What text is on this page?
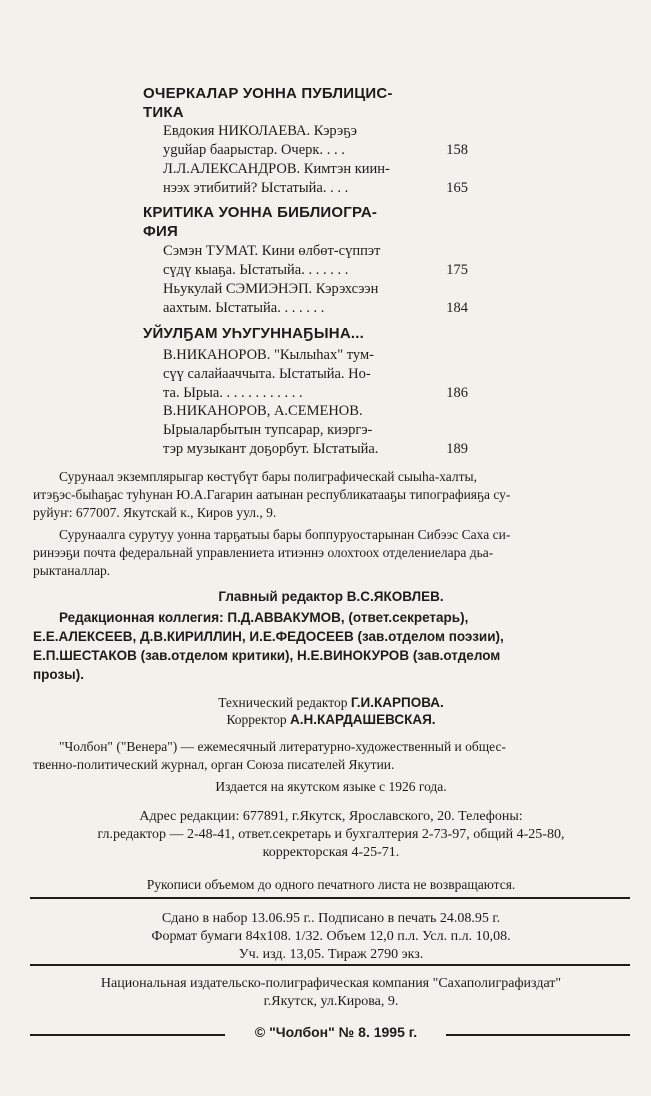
ОЧЕРКАЛАР УОННА ПУБЛИЦИС-
ТИКА
Евдокия НИКОЛАЕВА. Кэрэҕэ
уguйар баарыстар. Очерк. . . .	158
Л.Л.АЛЕКСАНДРОВ. Кимтэн киин-
нээх этибитий? Ыстатыйа. . . .	165
КРИТИКА УОННА БИБЛИОГРА-
ФИЯ
Сэмэн ТУМАТ. Кини өлбөт-сүппэт
сүдү кыаҕа. Ыстатыйа. . . . . . .	175
Ньукулай СЭМИЭНЭП. Кэрэхсээн
аахтым. Ыстатыйа. . . . . . .	184
УЙУЛҔАМ УҺУГУННАҔЫНА...
В.НИКАНОРОВ. "Кылыhах" тум-
сүү салайааччыта. Ыстатыйа. Но-
та. Ырыа. . . . . . . . . . . .	186
В.НИКАНОРОВ, А.СЕМЕНОВ.
Ырыаларбытын тупсарар, киэргэ-
тэр музыкант доҕорбут. Ыстатыйа.	189
Сурунаал экземплярыгар көстүбүт бары полиграфическай сыыhа-халты,
итэҕэс-быhаҕас туhунан Ю.А.Гагарин аатынан республикатааҕы типографияҕа су-
руйуҥ: 677007. Якутскай к., Киров уул., 9.
Сурунаалга сурутуу уонна тарҕатыы бары боппуруостарынан Сибээс Саха си-
ринээҕи почта федеральнай управлениета итиэннэ олохтоох отделениелара дьа-
рыктаналлар.
Главный редактор В.С.ЯКОВЛЕВ.
Редакционная коллегия: П.Д.АВВАКУМОВ, (ответ.секретарь),
Е.Е.АЛЕКСЕЕВ, Д.В.КИРИЛЛИН, И.Е.ФЕДОСЕЕВ (зав.отделом поэзии),
Е.П.ШЕСТАКОВ (зав.отделом критики), Н.Е.ВИНОКУРОВ (зав.отделом
прозы).
Технический редактор Г.И.КАРПОВА.
Корректор А.Н.КАРДАШЕВСКАЯ.
"Чолбон" ("Венера") — ежемесячный литературно-художественный и общес-
твенно-политический журнал, орган Союза писателей Якутии.
Издается на якутском языке с 1926 года.
Адрес редакции: 677891, г.Якутск, Ярославского, 20. Телефоны:
гл.редактор — 2-48-41, ответ.секретарь и бухгалтерия 2-73-97, общий 4-25-80,
корректорская 4-25-71.
Рукописи объемом до одного печатного листа не возвращаются.
Сдано в набор 13.06.95 г.. Подписано в печать 24.08.95 г.
Формат бумаги 84х108. 1/32. Объем 12,0 п.л. Усл. п.л. 10,08.
Уч. изд. 13,05. Тираж 2790 экз.
Национальная издательско-полиграфическая компания "Сахаполиграфиздат"
г.Якутск, ул.Кирова, 9.
© "Чолбон" № 8. 1995 г.
